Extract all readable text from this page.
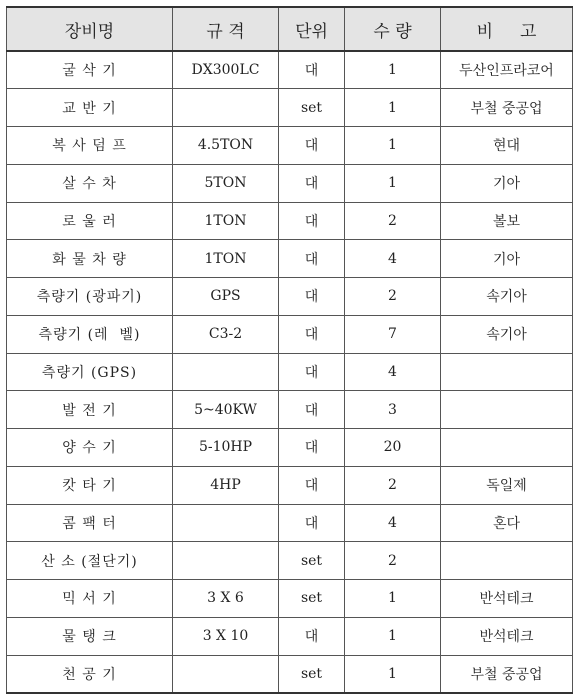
장비명	규 격	단위	수 량	비     고
굴 삭 기	DX300LC	대	1	두산인프라코어
교 반 기		set	1	부철 중공업
복 사 덤 프	4.5TON	대	1	현대
살 수 차	5TON	대	1	기아
로 울 러	1TON	대	2	볼보
화 물 차 량	1TON	대	4	기아
측량기 (광파기)	GPS	대	2	속기아
측량기 (레  벨)	C3-2	대	7	속기아
측량기 (GPS)		대	4	
발 전 기	5~40KW	대	3	
양 수 기	5-10HP	대	20	
캇 타 기	4HP	대	2	독일제
콤 팩 터		대	4	혼다
산 소 (절단기)		set	2	
믹 서 기	3 X 6	set	1	반석테크
물 탱 크	3 X 10	대	1	반석테크
천 공 기		set	1	부철 중공업
